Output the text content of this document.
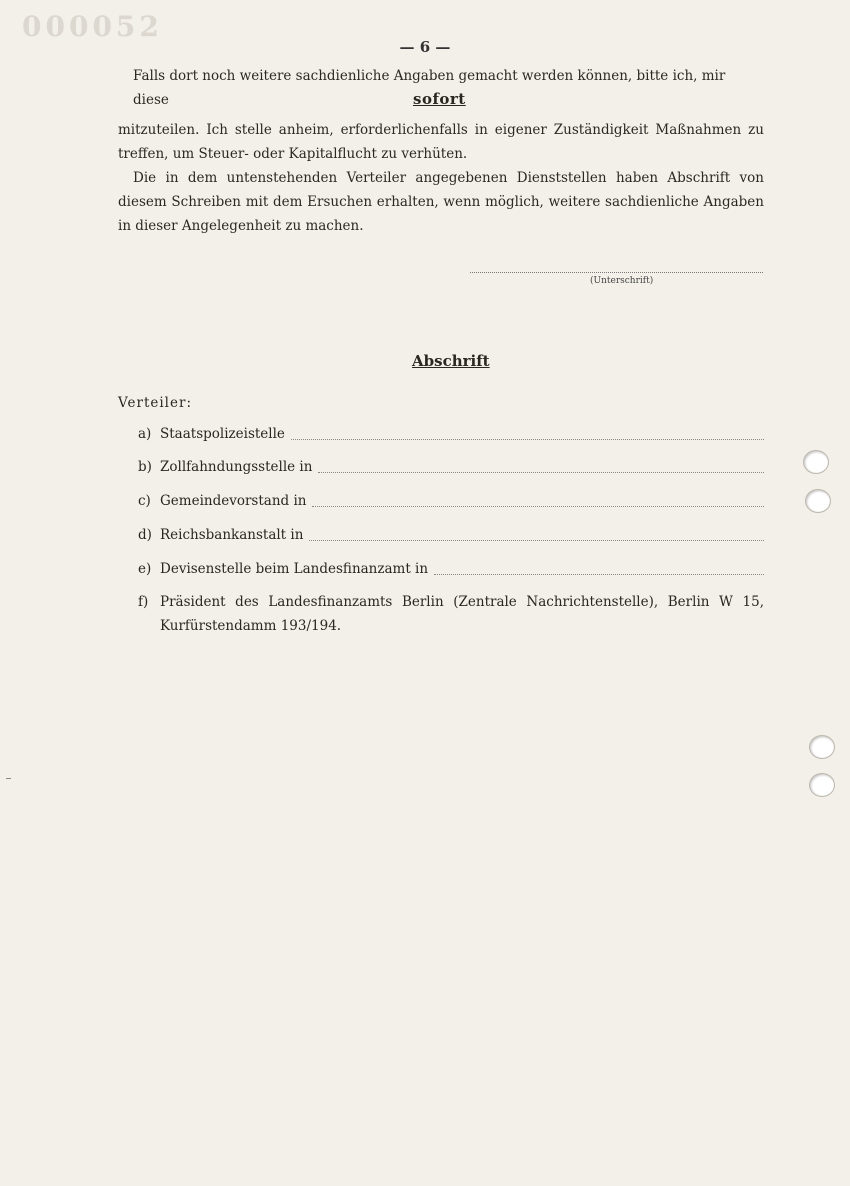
000052
— 6 —
Falls dort noch weitere sachdienliche Angaben gemacht werden können, bitte ich, mir diese	sofort
mitzuteilen. Ich stelle anheim, erforderlichenfalls in eigener Zuständigkeit Maßnahmen zu treffen, um Steuer- oder Kapitalflucht zu verhüten.
Die in dem untenstehenden Verteiler angegebenen Dienststellen haben Abschrift von diesem Schreiben mit dem Ersuchen erhalten, wenn möglich, weitere sachdienliche Angaben in dieser Angelegenheit zu machen.
(Unterschrift)
Abschrift
Verteiler:
a) Staatspolizeistelle
b) Zollfahndungsstelle in
c) Gemeindevorstand in
d) Reichsbankanstalt in
e) Devisenstelle beim Landesfinanzamt in
f) Präsident des Landesfinanzamts Berlin (Zentrale Nachrichtenstelle), Berlin W 15, Kurfürstendamm 193/194.
